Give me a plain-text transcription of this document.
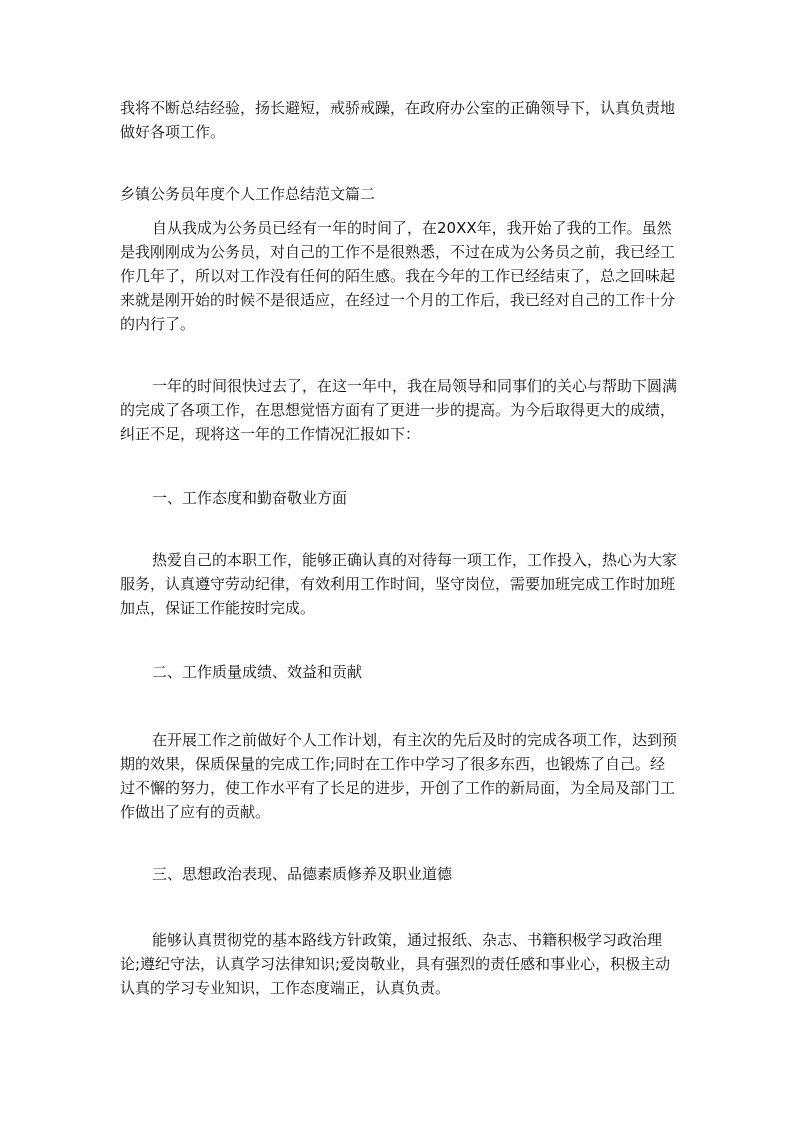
我将不断总结经验，扬长避短，戒骄戒躁，在政府办公室的正确领导下，认真负责地做好各项工作。

乡镇公务员年度个人工作总结范文篇二

自从我成为公务员已经有一年的时间了，在20XX年，我开始了我的工作。虽然是我刚刚成为公务员，对自己的工作不是很熟悉，不过在成为公务员之前，我已经工作几年了，所以对工作没有任何的陌生感。我在今年的工作已经结束了，总之回味起来就是刚开始的时候不是很适应，在经过一个月的工作后，我已经对自己的工作十分的内行了。

一年的时间很快过去了，在这一年中，我在局领导和同事们的关心与帮助下圆满的完成了各项工作，在思想觉悟方面有了更进一步的提高。为今后取得更大的成绩，纠正不足，现将这一年的工作情况汇报如下：

一、工作态度和勤奋敬业方面

热爱自己的本职工作，能够正确认真的对待每一项工作，工作投入，热心为大家服务，认真遵守劳动纪律，有效利用工作时间，坚守岗位，需要加班完成工作时加班加点，保证工作能按时完成。

二、工作质量成绩、效益和贡献

在开展工作之前做好个人工作计划，有主次的先后及时的完成各项工作，达到预期的效果，保质保量的完成工作;同时在工作中学习了很多东西，也锻炼了自己。经过不懈的努力，使工作水平有了长足的进步，开创了工作的新局面，为全局及部门工作做出了应有的贡献。

三、思想政治表现、品德素质修养及职业道德

能够认真贯彻党的基本路线方针政策，通过报纸、杂志、书籍积极学习政治理论;遵纪守法，认真学习法律知识;爱岗敬业，具有强烈的责任感和事业心，积极主动认真的学习专业知识，工作态度端正，认真负责。
